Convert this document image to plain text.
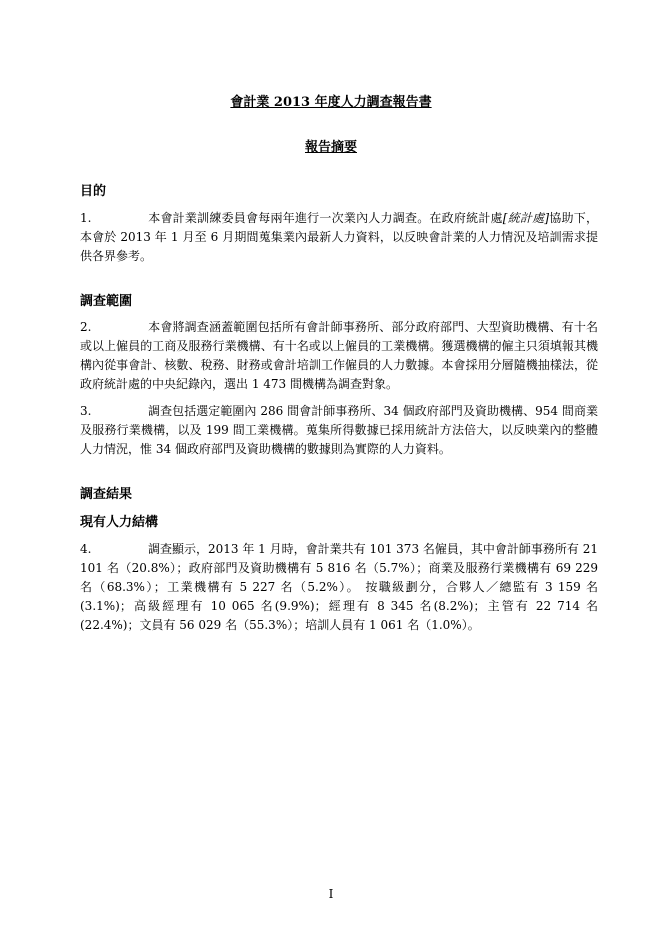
會計業 2013 年度人力調查報告書
報告摘要
目的
1.	本會計業訓練委員會每兩年進行一次業內人力調查。在政府統計處[統計處]協助下，本會於 2013 年 1 月至 6 月期間蒐集業內最新人力資料，以反映會計業的人力情況及培訓需求提供各界參考。
調查範圍
2.	本會將調查涵蓋範圍包括所有會計師事務所、部分政府部門、大型資助機構、有十名或以上僱員的工商及服務行業機構、有十名或以上僱員的工業機構。獲選機構的僱主只須填報其機構內從事會計、核數、稅務、財務或會計培訓工作僱員的人力數據。本會採用分層隨機抽樣法，從政府統計處的中央紀錄內，選出 1 473 間機構為調查對象。
3.	調查包括選定範圍內 286 間會計師事務所、34 個政府部門及資助機構、954 間商業及服務行業機構，以及 199 間工業機構。蒐集所得數據已採用統計方法倍大，以反映業內的整體人力情況，惟 34 個政府部門及資助機構的數據則為實際的人力資料。
調查結果
現有人力結構
4.	調查顯示，2013 年 1 月時，會計業共有 101 373 名僱員，其中會計師事務所有 21 101 名（20.8%）；政府部門及資助機構有 5 816 名（5.7%）；商業及服務行業機構有 69 229 名（68.3%）；工業機構有 5 227 名（5.2%）。 按職級劃分，合夥人／總監有 3 159 名(3.1%)；高級經理有 10 065 名(9.9%)；經理有 8 345 名(8.2%)；主管有 22 714 名(22.4%)；文員有 56 029 名（55.3%）；培訓人員有 1 061 名（1.0%）。
I
